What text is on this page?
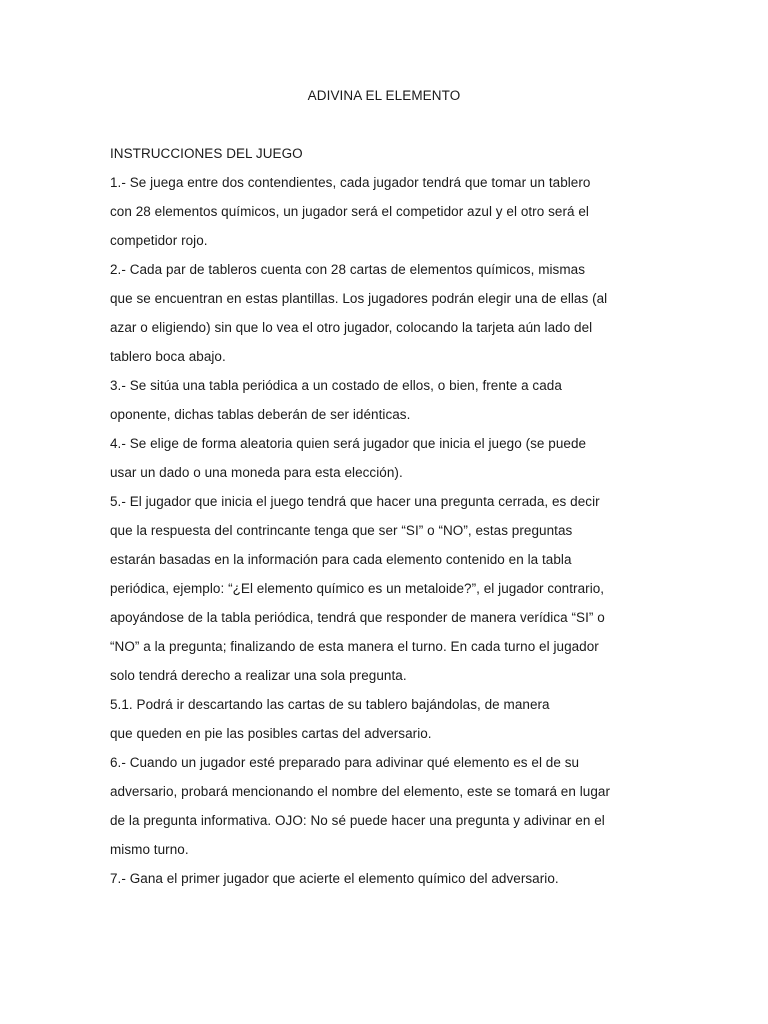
ADIVINA EL ELEMENTO
INSTRUCCIONES DEL JUEGO
1.- Se juega entre dos contendientes, cada jugador tendrá que tomar un tablero
con 28 elementos químicos, un jugador será el competidor azul y el otro será el
competidor rojo.
2.- Cada par de tableros cuenta con 28 cartas de elementos químicos, mismas
que se encuentran en estas plantillas. Los jugadores podrán elegir una de ellas (al
azar o eligiendo) sin que lo vea el otro jugador, colocando la tarjeta aún lado del
tablero boca abajo.
3.- Se sitúa una tabla periódica a un costado de ellos, o bien, frente a cada
oponente, dichas tablas deberán de ser idénticas.
4.- Se elige de forma aleatoria quien será jugador que inicia el juego (se puede
usar un dado o una moneda para esta elección).
5.- El jugador que inicia el juego tendrá que hacer una pregunta cerrada, es decir
que la respuesta del contrincante tenga que ser “SI” o “NO”, estas preguntas
estarán basadas en la información para cada elemento contenido en la tabla
periódica, ejemplo: “¿El elemento químico es un metaloide?”, el jugador contrario,
apoyándose de la tabla periódica, tendrá que responder de manera verídica “SI” o
“NO” a la pregunta; finalizando de esta manera el turno. En cada turno el jugador
solo tendrá derecho a realizar una sola pregunta.
5.1. Podrá ir descartando las cartas de su tablero bajándolas, de manera
que queden en pie las posibles cartas del adversario.
6.- Cuando un jugador esté preparado para adivinar qué elemento es el de su
adversario, probará mencionando el nombre del elemento, este se tomará en lugar
de la pregunta informativa. OJO: No sé puede hacer una pregunta y adivinar en el
mismo turno.
7.- Gana el primer jugador que acierte el elemento químico del adversario.
